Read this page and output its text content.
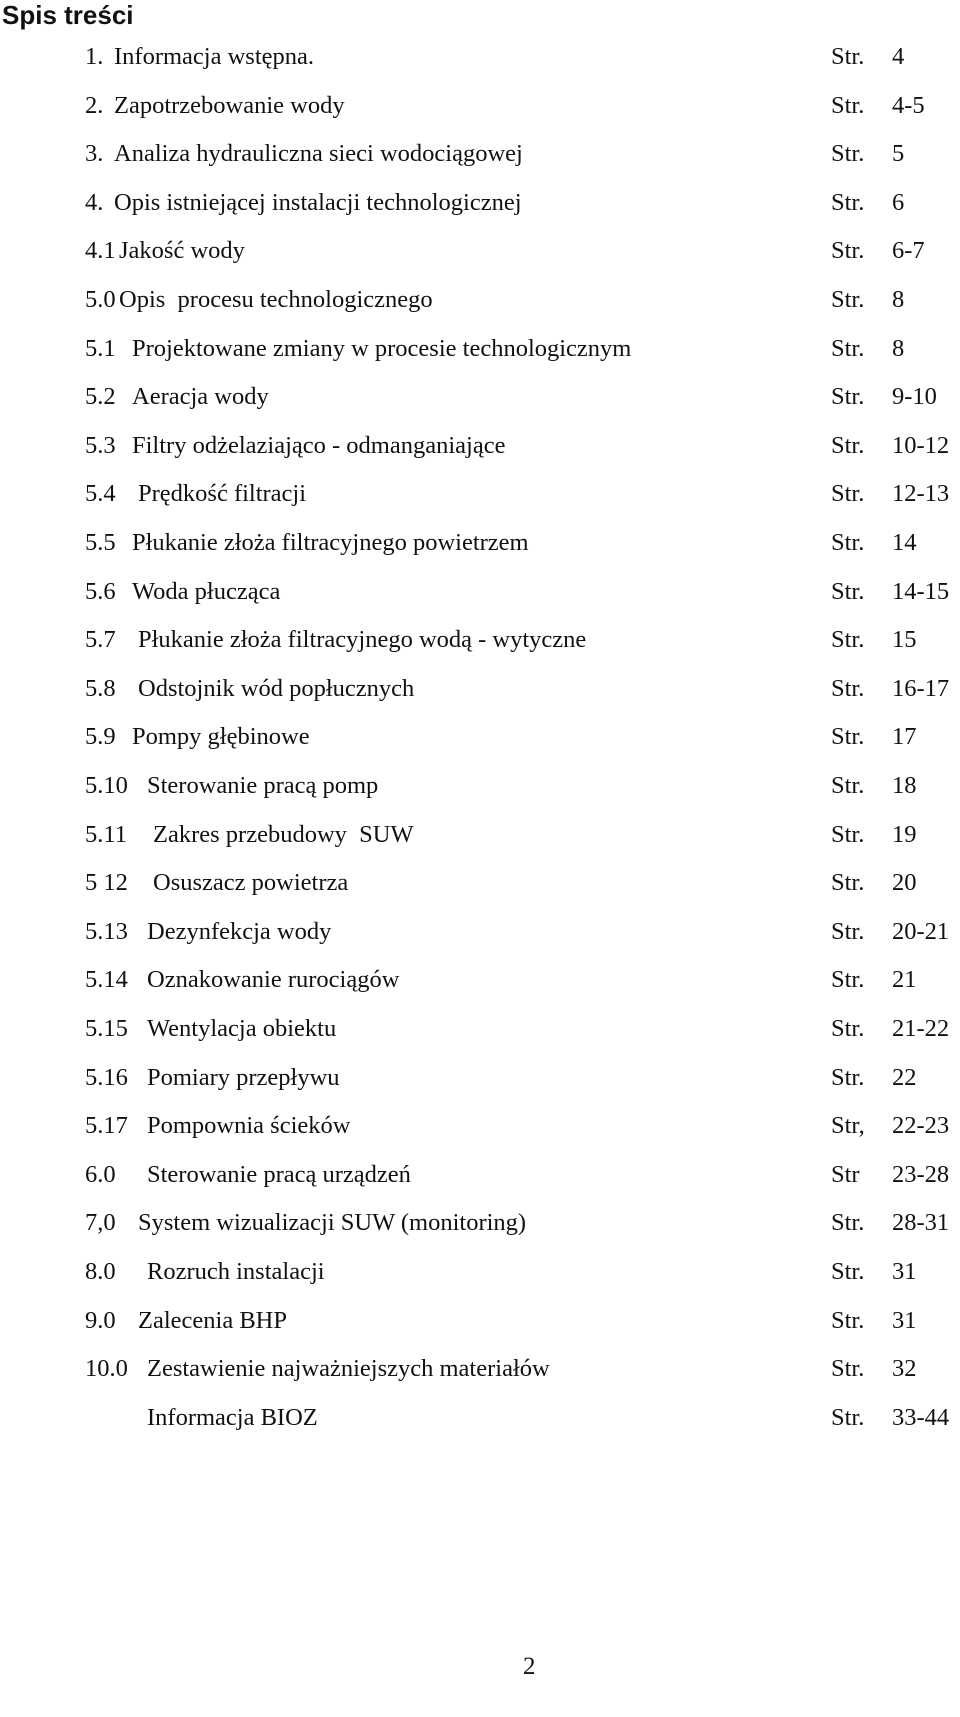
Spis treści
1. Informacja wstępna.	Str. 4
2. Zapotrzebowanie wody	Str. 4-5
3. Analiza hydrauliczna sieci wodociągowej	Str. 5
4. Opis istniejącej instalacji technologicznej	Str. 6
4.1 Jakość wody	Str. 6-7
5.0 Opis  procesu technologicznego	Str. 8
5.1 Projektowane zmiany w procesie technologicznym	Str. 8
5.2 Aeracja wody	Str. 9-10
5.3 Filtry odżelaziająco - odmanganiające	Str. 10-12
5.4 Prędkość filtracji	Str. 12-13
5.5 Płukanie złoża filtracyjnego powietrzem	Str. 14
5.6 Woda płucząca	Str. 14-15
5.7 Płukanie złoża filtracyjnego wodą - wytyczne	Str. 15
5.8 Odstojnik wód popłucznych	Str. 16-17
5.9 Pompy głębinowe	Str. 17
5.10 Sterowanie pracą pomp	Str. 18
5.11 Zakres przebudowy  SUW	Str. 19
5 12 Osuszacz powietrza	Str. 20
5.13 Dezynfekcja wody	Str. 20-21
5.14 Oznakowanie rurociągów	Str. 21
5.15 Wentylacja obiektu	Str. 21-22
5.16 Pomiary przepływu	Str. 22
5.17 Pompownia ścieków	Str, 22-23
6.0 Sterowanie pracą urządzeń	Str 23-28
7,0 System wizualizacji SUW (monitoring)	Str. 28-31
8.0 Rozruch instalacji	Str. 31
9.0 Zalecenia BHP	Str. 31
10.0 Zestawienie najważniejszych materiałów	Str. 32
Informacja BIOZ	Str. 33-44
2
